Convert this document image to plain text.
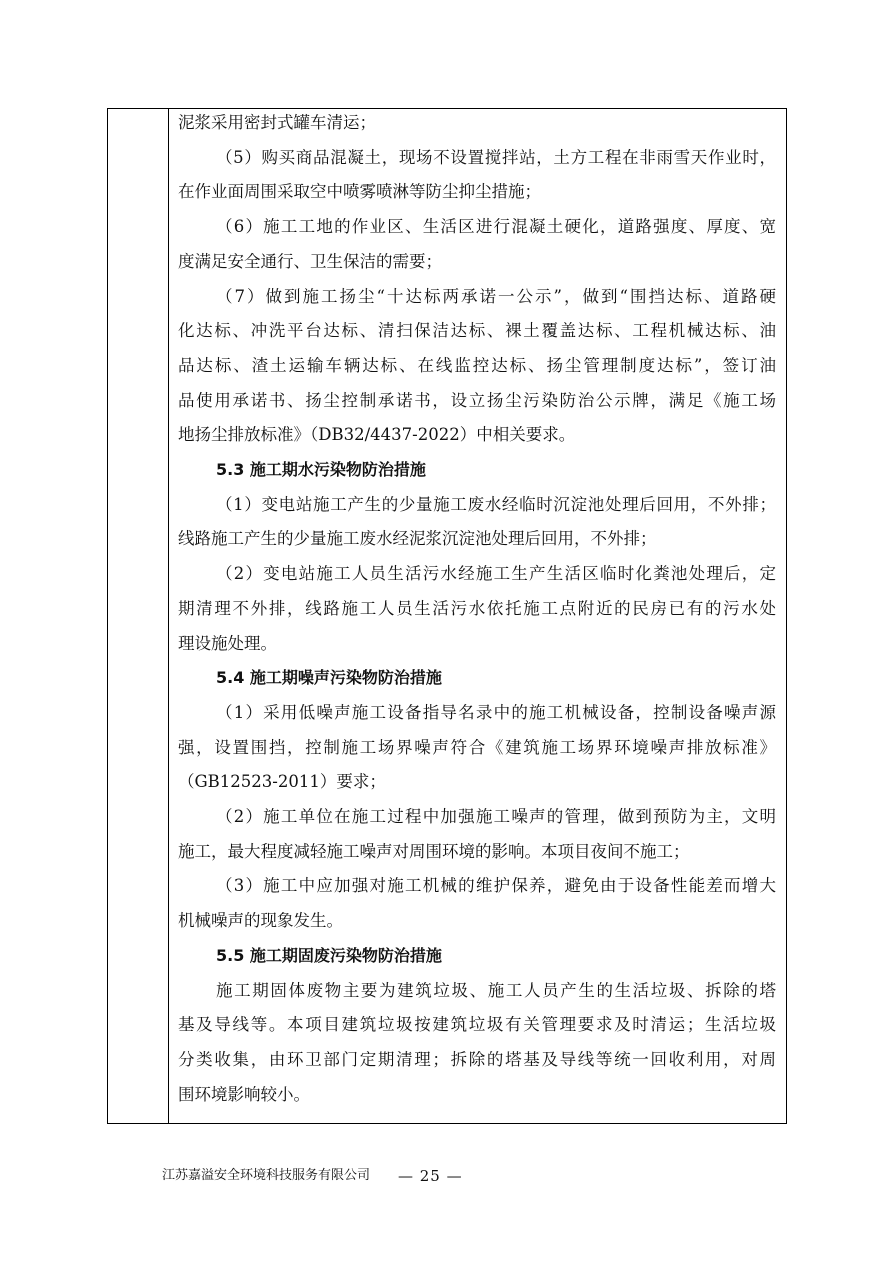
泥浆采用密封式罐车清运；
（5）购买商品混凝土，现场不设置搅拌站，土方工程在非雨雪天作业时，
在作业面周围采取空中喷雾喷淋等防尘抑尘措施；
（6）施工工地的作业区、生活区进行混凝土硬化，道路强度、厚度、宽
度满足安全通行、卫生保洁的需要；
（7）做到施工扬尘“十达标两承诺一公示”，做到“围挡达标、道路硬
化达标、冲洗平台达标、清扫保洁达标、裸土覆盖达标、工程机械达标、油
品达标、渣土运输车辆达标、在线监控达标、扬尘管理制度达标”，签订油
品使用承诺书、扬尘控制承诺书，设立扬尘污染防治公示牌，满足《施工场
地扬尘排放标准》（DB32/4437-2022）中相关要求。
5.3 施工期水污染物防治措施
（1）变电站施工产生的少量施工废水经临时沉淀池处理后回用，不外排；
线路施工产生的少量施工废水经泥浆沉淀池处理后回用，不外排；
（2）变电站施工人员生活污水经施工生产生活区临时化粪池处理后，定
期清理不外排，线路施工人员生活污水依托施工点附近的民房已有的污水处
理设施处理。
5.4 施工期噪声污染物防治措施
（1）采用低噪声施工设备指导名录中的施工机械设备，控制设备噪声源
强，设置围挡，控制施工场界噪声符合《建筑施工场界环境噪声排放标准》
（GB12523-2011）要求；
（2）施工单位在施工过程中加强施工噪声的管理，做到预防为主，文明
施工，最大程度减轻施工噪声对周围环境的影响。本项目夜间不施工；
（3）施工中应加强对施工机械的维护保养，避免由于设备性能差而增大
机械噪声的现象发生。
5.5 施工期固废污染物防治措施
施工期固体废物主要为建筑垃圾、施工人员产生的生活垃圾、拆除的塔
基及导线等。本项目建筑垃圾按建筑垃圾有关管理要求及时清运；生活垃圾
分类收集，由环卫部门定期清理；拆除的塔基及导线等统一回收利用，对周
围环境影响较小。
江苏嘉溢安全环境科技服务有限公司 — 25 —
